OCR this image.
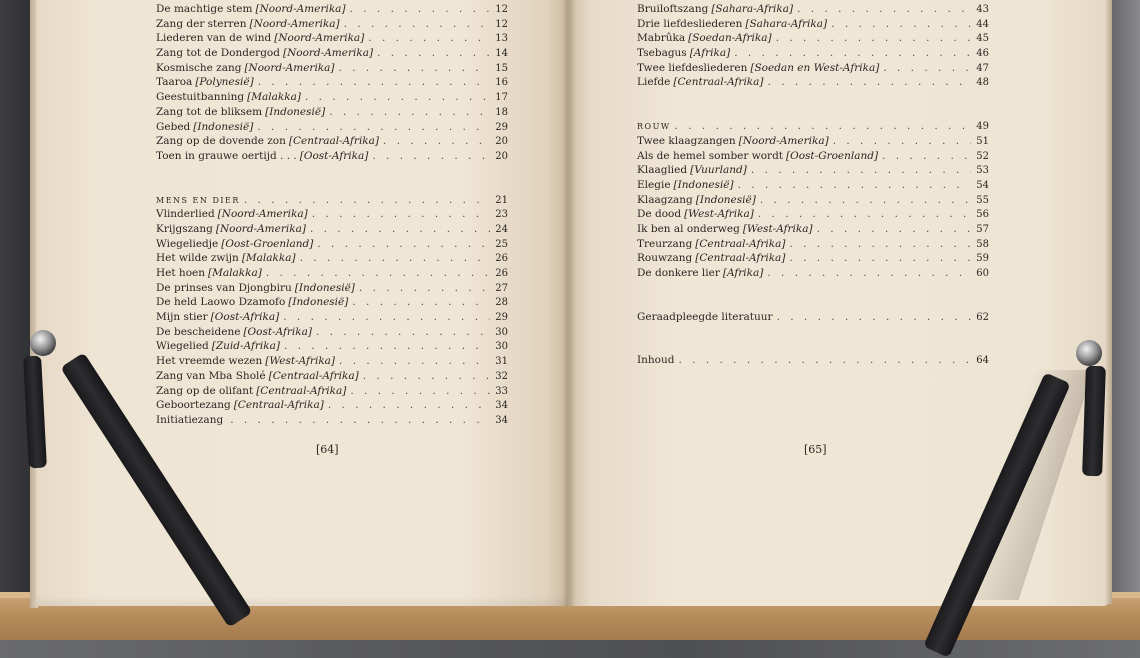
De machtige stem [Noord-Amerika] . . .	12
Zang der sterren [Noord-Amerika] . . .	12
Liederen van de wind [Noord-Amerika] . . .	13
Zang tot de Dondergod [Noord-Amerika] . . .	14
Kosmische zang [Noord-Amerika] . . .	15
Taaroa [Polynesië] . . .	16
Geestuitbanning [Malakka] . . .	17
Zang tot de bliksem [Indonesië] . . .	18
Gebed [Indonesië] . . .	29
Zang op de dovende zon [Centraal-Afrika] . . .	20
Toen in grauwe oertijd . . . [Oost-Afrika] . . .	20
MENS EN DIER . . .	21
Vlinderlied [Noord-Amerika] . . .	23
Krijgszang [Noord-Amerika] . . .	24
Wiegeliedje [Oost-Groenland] . . .	25
Het wilde zwijn [Malakka] . . .	26
Het hoen [Malakka] . . .	26
De prinses van Djongbiru [Indonesië] . . .	27
De held Laowo Dzamofo [Indonesië] . . .	28
Mijn stier [Oost-Afrika] . . .	29
De bescheidene [Oost-Afrika] . . .	30
Wiegelied [Zuid-Afrika] . . .	30
Het vreemde wezen [West-Afrika] . . .	31
Zang van Mba Sholé [Centraal-Afrika] . . .	32
Zang op de olifant [Centraal-Afrika] . . .	33
Geboortezang [Centraal-Afrika] . . .	34
Initiatiezang . . .	34
[64]
Bruiloftszang [Sahara-Afrika] . . .	43
Drie liefdesliederen [Sahara-Afrika] . . .	44
Mabrûka [Soedan-Afrika] . . .	45
Tsebagus [Afrika] . . .	46
Twee liefdesliederen [Soedan en West-Afrika] . . .	47
Liefde [Centraal-Afrika] . . .	48
ROUW . . .	49
Twee klaagzangen [Noord-Amerika] . . .	51
Als de hemel somber wordt [Oost-Groenland] . . .	52
Klaaglied [Vuurland] . . .	53
Elegie [Indonesië] . . .	54
Klaagzang [Indonesië] . . .	55
De dood [West-Afrika] . . .	56
Ik ben al onderweg [West-Afrika] . . .	57
Treurzang [Centraal-Afrika] . . .	58
Rouwzang [Centraal-Afrika] . . .	59
De donkere lier [Afrika] . . .	60
Geraadpleegde literatuur . . .	62
Inhoud . . .	64
[65]
